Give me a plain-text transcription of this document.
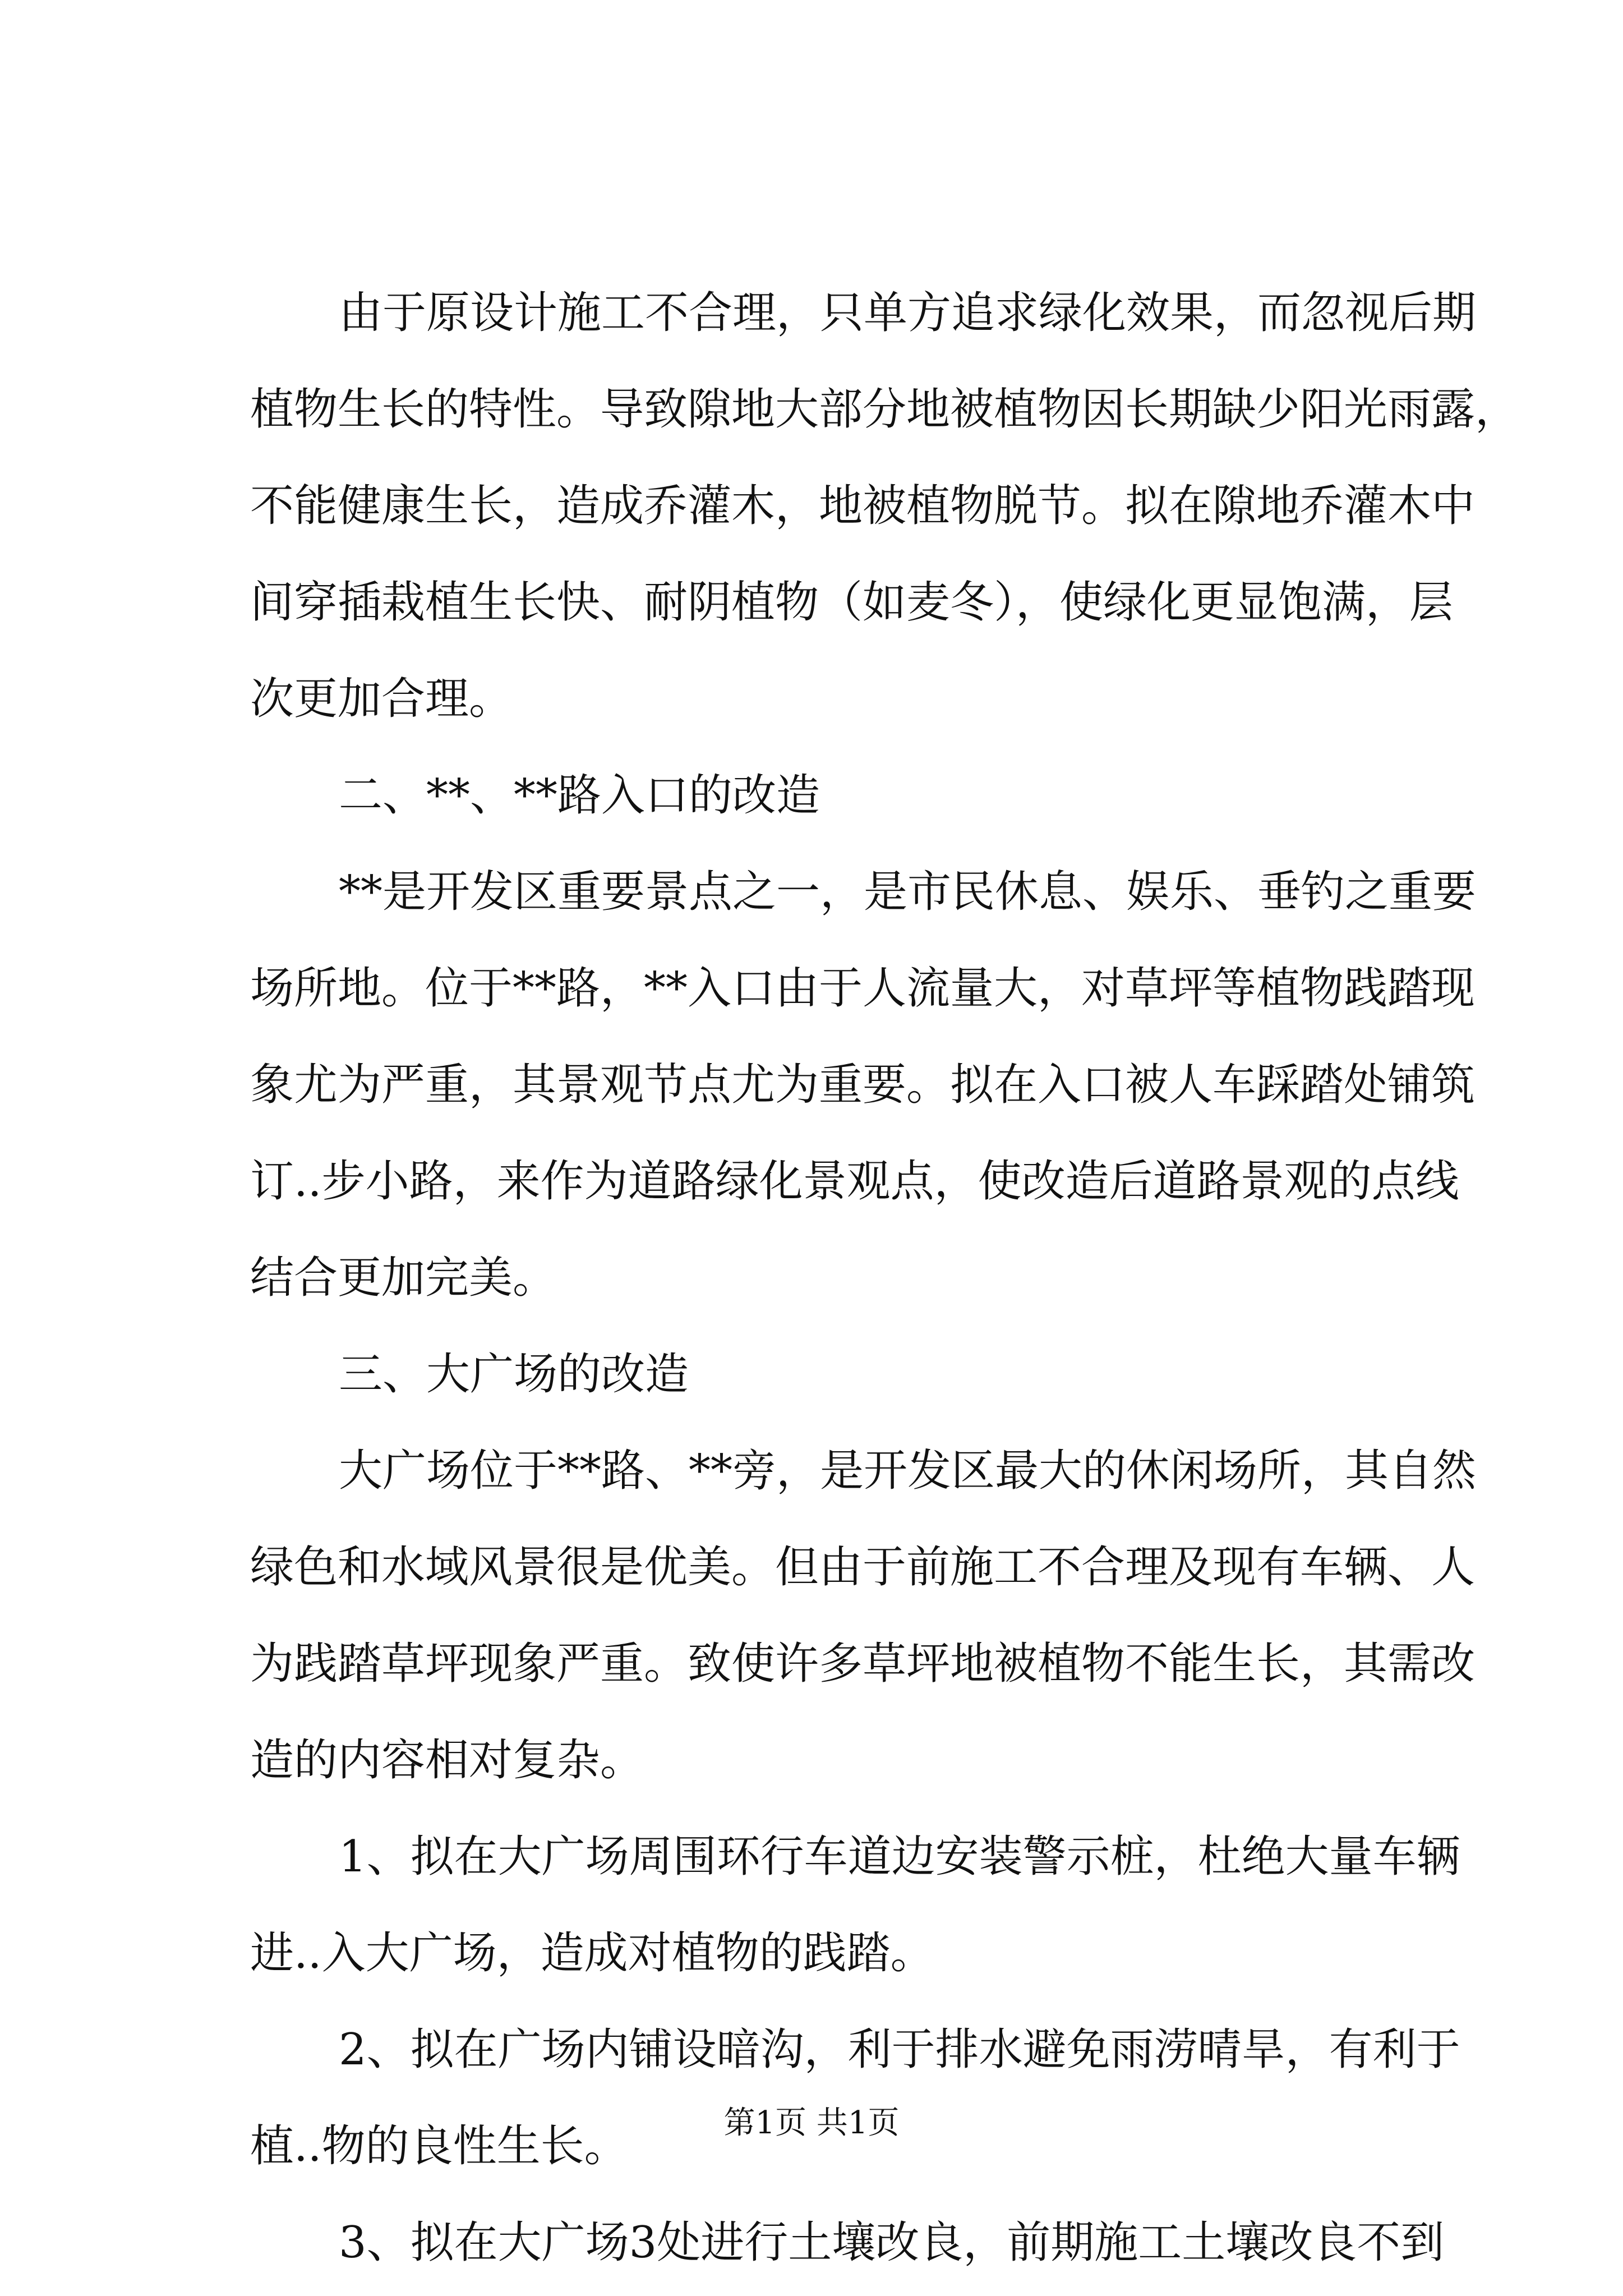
由于原设计施工不合理，只单方追求绿化效果，而忽视后期
植物生长的特性。导致隙地大部分地被植物因长期缺少阳光雨露，
不能健康生长，造成乔灌木，地被植物脱节。拟在隙地乔灌木中
间穿插栽植生长快、耐阴植物（如麦冬），使绿化更显饱满，层
次更加合理。
二、**、**路入口的改造
**是开发区重要景点之一，是市民休息、娱乐、垂钓之重要
场所地。位于**路，**入口由于人流量大，对草坪等植物践踏现
象尤为严重，其景观节点尤为重要。拟在入口被人车踩踏处铺筑
订..步小路，来作为道路绿化景观点，使改造后道路景观的点线
结合更加完美。
三、大广场的改造
大广场位于**路、**旁，是开发区最大的休闲场所，其自然
绿色和水域风景很是优美。但由于前施工不合理及现有车辆、人
为践踏草坪现象严重。致使许多草坪地被植物不能生长，其需改
造的内容相对复杂。
1、拟在大广场周围环行车道边安装警示桩，杜绝大量车辆
进..入大广场，造成对植物的践踏。
2、拟在广场内铺设暗沟，利于排水避免雨涝晴旱，有利于
植..物的良性生长。
3、拟在大广场3处进行土壤改良，前期施工土壤改良不到
第1页 共1页
